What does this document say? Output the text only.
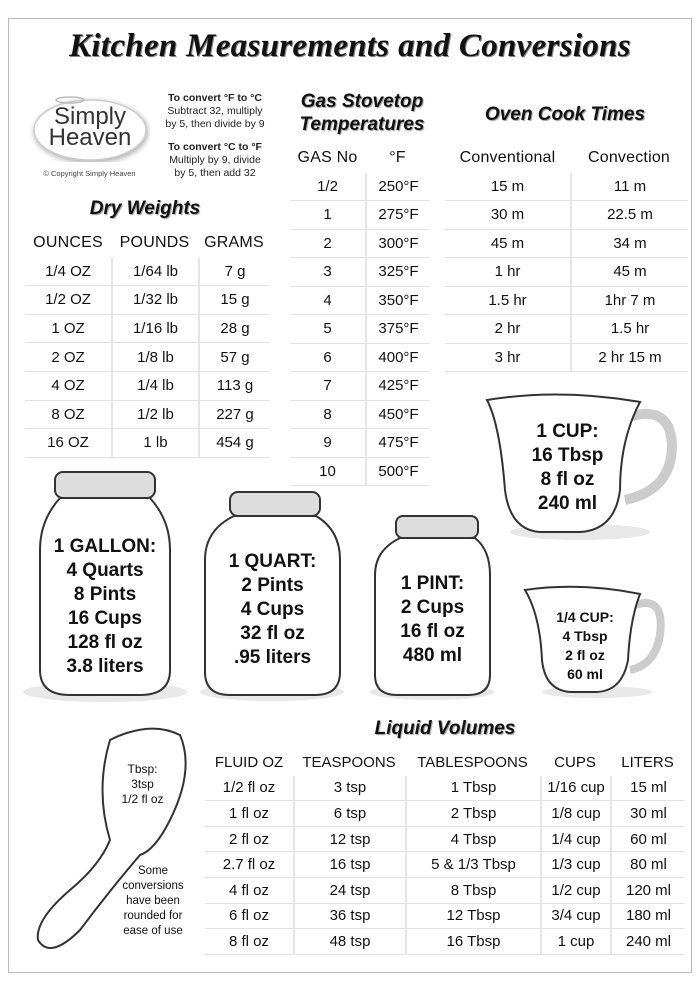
Kitchen Measurements and Conversions
Simply
Heaven
© Copyright Simply Heaven
To convert °F to °C
Subtract 32, multiply
by 5, then divide by 9
To convert °C to °F
Multiply by 9, divide
by 5, then add 32
Gas Stovetop
Temperatures	Oven Cook Times
Dry Weights
Liquid Volumes
GAS No	°F
1/2	250°F
1	275°F
2	300°F
3	325°F
4	350°F
5	375°F
6	400°F
7	425°F
8	450°F
9	475°F
10	500°F
Conventional	Convection
15 m	11 m
30 m	22.5 m
45 m	34 m
1 hr	45 m
1.5 hr	1hr 7 m
2 hr	1.5 hr
3 hr	2 hr 15 m
OUNCES	POUNDS GRAMS
1/4 OZ	1/64 lb	7 g
1/2 OZ	1/32 lb	15 g
1 OZ	1/16 lb	28 g
2 OZ	1/8 lb	57 g
4 OZ	1/4 lb	113 g
8 OZ	1/2 lb	227 g
16 OZ	1 lb	454 g
FLUID OZ	TEASPOONS	TABLESPOONS	CUPS	LITERS
1/2 fl oz	3 tsp	1 Tbsp	1/16 cup	15 ml
1 fl oz	6 tsp	2 Tbsp	1/8 cup	30 ml
2 fl oz	12 tsp	4 Tbsp	1/4 cup	60 ml
2.7 fl oz	16 tsp	5 & 1/3 Tbsp	1/3 cup	80 ml
4 fl oz	24 tsp	8 Tbsp	1/2 cup	120 ml
6 fl oz	36 tsp	12 Tbsp	3/4 cup	180 ml
8 fl oz	48 tsp	16 Tbsp	1 cup	240 ml
1 GALLON:
4 Quarts
8 Pints
16 Cups
128 fl oz
3.8 liters
1 QUART:
2 Pints
4 Cups
32 fl oz
.95 liters
1 PINT:
2 Cups
16 fl oz
480 ml
1 CUP:
16 Tbsp
8 fl oz
240 ml
1/4 CUP:
4 Tbsp
2 fl oz
60 ml
Tbsp:
3tsp
1/2 fl oz
Some
conversions
have been
rounded for
ease of use
